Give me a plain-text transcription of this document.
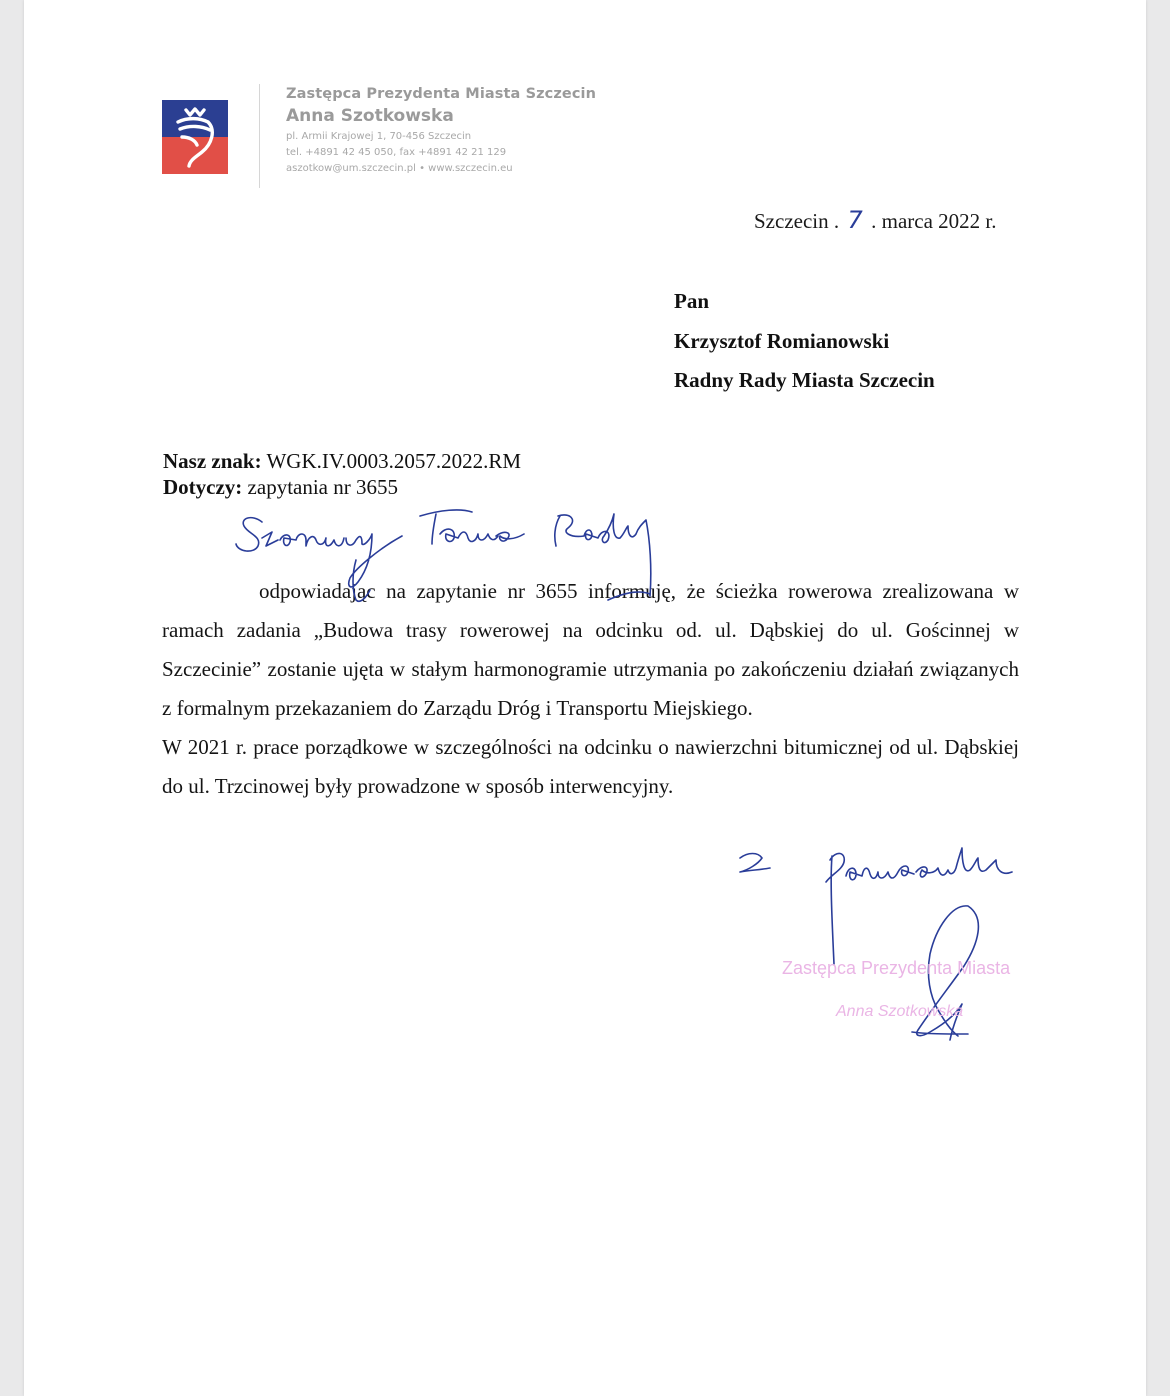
Zastępca Prezydenta Miasta Szczecin
Anna Szotkowska
pl. Armii Krajowej 1, 70-456 Szczecin
tel. +4891 42 45 050, fax +4891 42 21 129
aszotkow@um.szczecin.pl • www.szczecin.eu
Szczecin . 7 . marca 2022 r.
Pan
Krzysztof Romianowski
Radny Rady Miasta Szczecin
Nasz znak: WGK.IV.0003.2057.2022.RM
Dotyczy: zapytania nr 3655

odpowiadając na zapytanie nr 3655 informuję, że ścieżka rowerowa zrealizowana w ramach zadania „Budowa trasy rowerowej na odcinku od. ul. Dąbskiej do ul. Gościnnej w Szczecinie” zostanie ujęta w stałym harmonogramie utrzymania po zakończeniu działań związanych z formalnym przekazaniem do Zarządu Dróg i Transportu Miejskiego.

W 2021 r. prace porządkowe w szczególności na odcinku o nawierzchni bitumicznej od ul. Dąbskiej do ul. Trzcinowej były prowadzone w sposób interwencyjny.

Zastępca Prezydenta Miasta
Anna Szotkowska
